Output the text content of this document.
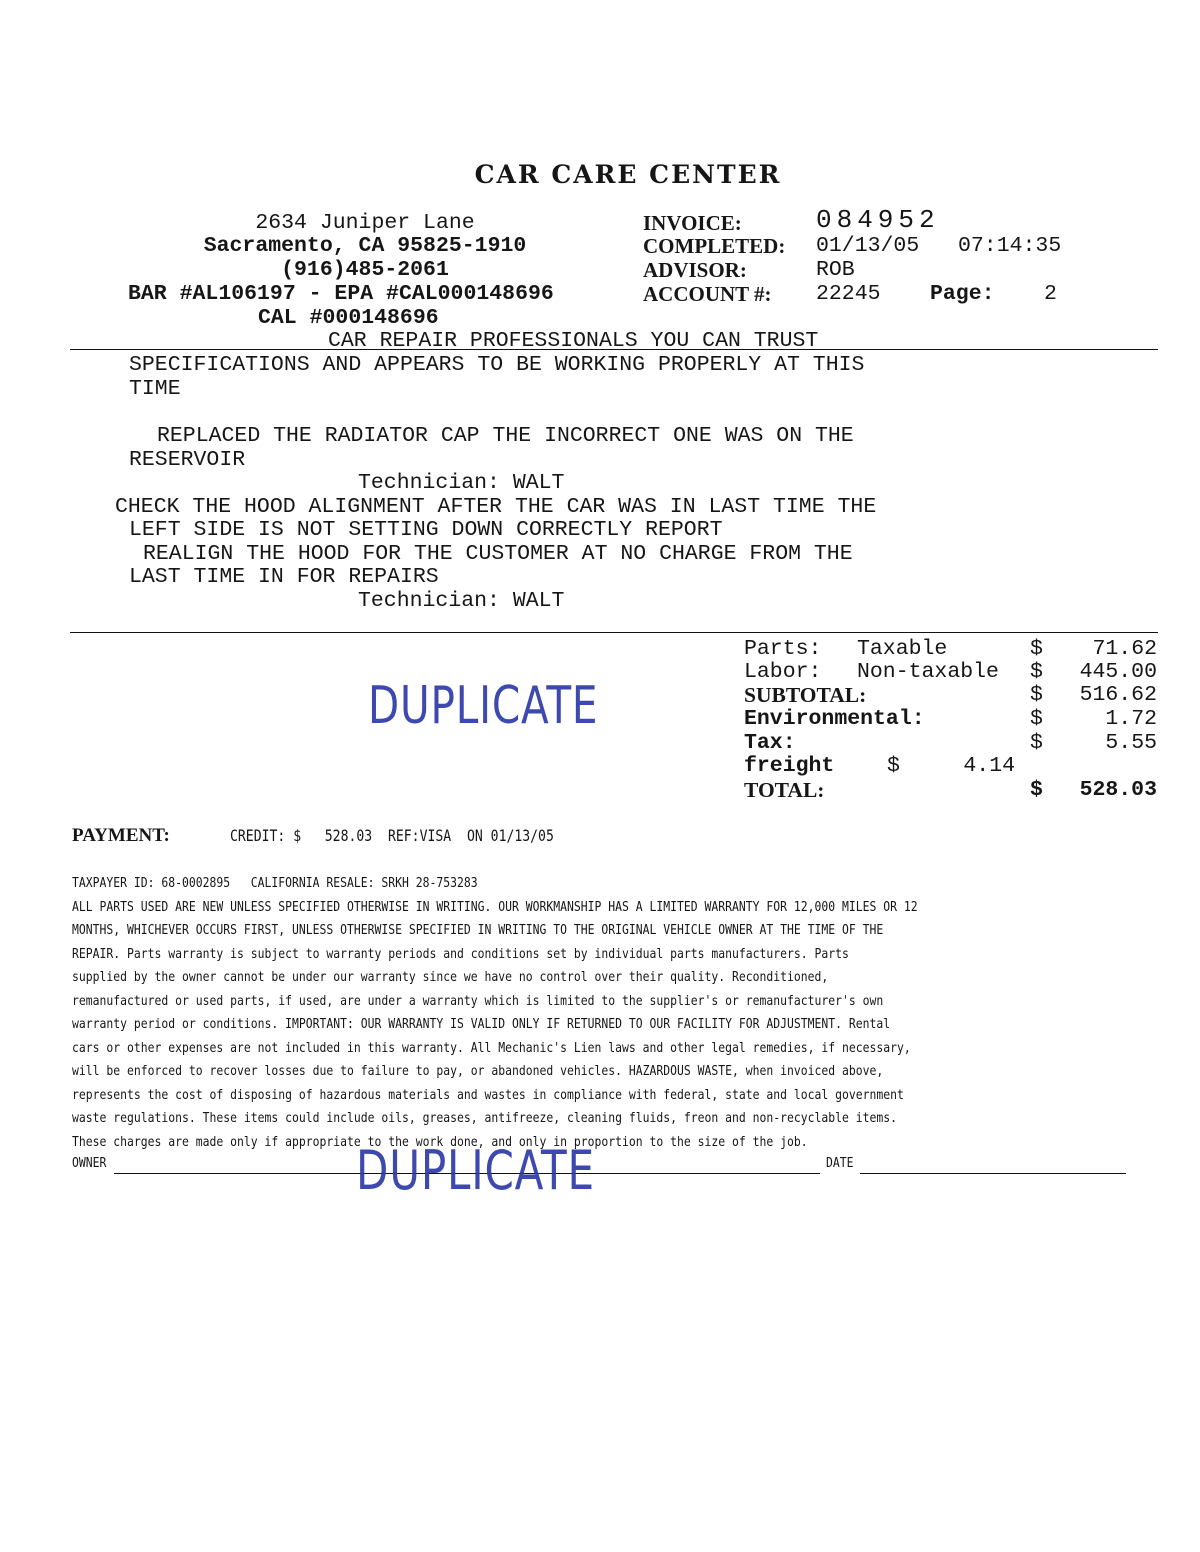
CAR CARE CENTER
2634 Juniper Lane
Sacramento, CA 95825-1910
(916)485-2061
BAR #AL106197 - EPA #CAL000148696
CAL #000148696
INVOICE:	084952
COMPLETED: 01/13/05 07:14:35
ADVISOR:	ROB
ACCOUNT #: 22245 Page: 2
CAR REPAIR PROFESSIONALS YOU CAN TRUST
SPECIFICATIONS AND APPEARS TO BE WORKING PROPERLY AT THIS
TIME
REPLACED THE RADIATOR CAP THE INCORRECT ONE WAS ON THE
RESERVOIR
Technician: WALT
CHECK THE HOOD ALIGNMENT AFTER THE CAR WAS IN LAST TIME THE
LEFT SIDE IS NOT SETTING DOWN CORRECTLY REPORT
REALIGN THE HOOD FOR THE CUSTOMER AT NO CHARGE FROM THE
LAST TIME IN FOR REPAIRS
Technician: WALT
Parts: Taxable	$	71.62
Labor: Non-taxable $	445.00
SUBTOTAL:	$	516.62
Environmental:	$	1.72
Tax:	$	5.55
freight $	4.14
TOTAL:	$	528.03
DUPLICATE
PAYMENT:	CREDIT: $   528.03  REF:VISA  ON 01/13/05
TAXPAYER ID: 68-0002895   CALIFORNIA RESALE: SRKH 28-753283
ALL PARTS USED ARE NEW UNLESS SPECIFIED OTHERWISE IN WRITING. OUR WORKMANSHIP HAS A LIMITED WARRANTY FOR 12,000 MILES OR 12
MONTHS, WHICHEVER OCCURS FIRST, UNLESS OTHERWISE SPECIFIED IN WRITING TO THE ORIGINAL VEHICLE OWNER AT THE TIME OF THE
REPAIR. Parts warranty is subject to warranty periods and conditions set by individual parts manufacturers. Parts
supplied by the owner cannot be under our warranty since we have no control over their quality. Reconditioned,
remanufactured or used parts, if used, are under a warranty which is limited to the supplier's or remanufacturer's own
warranty period or conditions. IMPORTANT: OUR WARRANTY IS VALID ONLY IF RETURNED TO OUR FACILITY FOR ADJUSTMENT. Rental
cars or other expenses are not included in this warranty. All Mechanic's Lien laws and other legal remedies, if necessary,
will be enforced to recover losses due to failure to pay, or abandoned vehicles. HAZARDOUS WASTE, when invoiced above,
represents the cost of disposing of hazardous materials and wastes in compliance with federal, state and local government
waste regulations. These items could include oils, greases, antifreeze, cleaning fluids, freon and non-recyclable items.
These charges are made only if appropriate to the work done, and only in proportion to the size of the job.
OWNER	DATE
DUPLICATE
